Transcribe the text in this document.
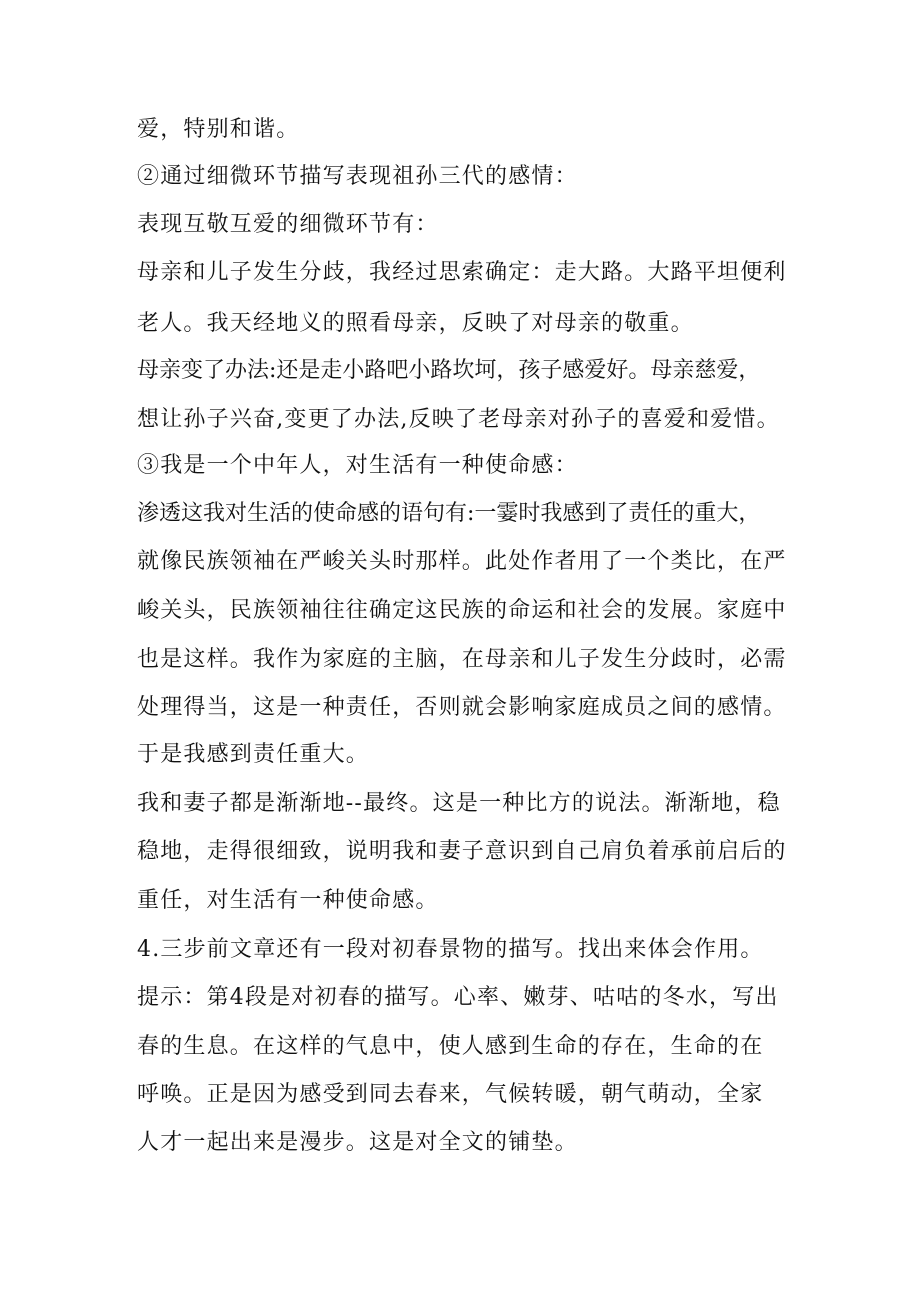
爱，特别和谐。
②通过细微环节描写表现祖孙三代的感情：
表现互敬互爱的细微环节有：
母亲和儿子发生分歧，我经过思索确定：走大路。大路平坦便利
老人。我天经地义的照看母亲，反映了对母亲的敬重。
母亲变了办法:还是走小路吧小路坎坷，孩子感爱好。母亲慈爱，
想让孙子兴奋,变更了办法,反映了老母亲对孙子的喜爱和爱惜。
③我是一个中年人，对生活有一种使命感：
渗透这我对生活的使命感的语句有:一霎时我感到了责任的重大，
就像民族领袖在严峻关头时那样。此处作者用了一个类比，在严
峻关头，民族领袖往往确定这民族的命运和社会的发展。家庭中
也是这样。我作为家庭的主脑，在母亲和儿子发生分歧时，必需
处理得当，这是一种责任，否则就会影响家庭成员之间的感情。
于是我感到责任重大。
我和妻子都是渐渐地--最终。这是一种比方的说法。渐渐地，稳
稳地，走得很细致，说明我和妻子意识到自己肩负着承前启后的
重任，对生活有一种使命感。
4.三步前文章还有一段对初春景物的描写。找出来体会作用。
提示：第4段是对初春的描写。心率、嫩芽、咕咕的冬水，写出
春的生息。在这样的气息中，使人感到生命的存在，生命的在
呼唤。正是因为感受到同去春来，气候转暖，朝气萌动，全家
人才一起出来是漫步。这是对全文的铺垫。
